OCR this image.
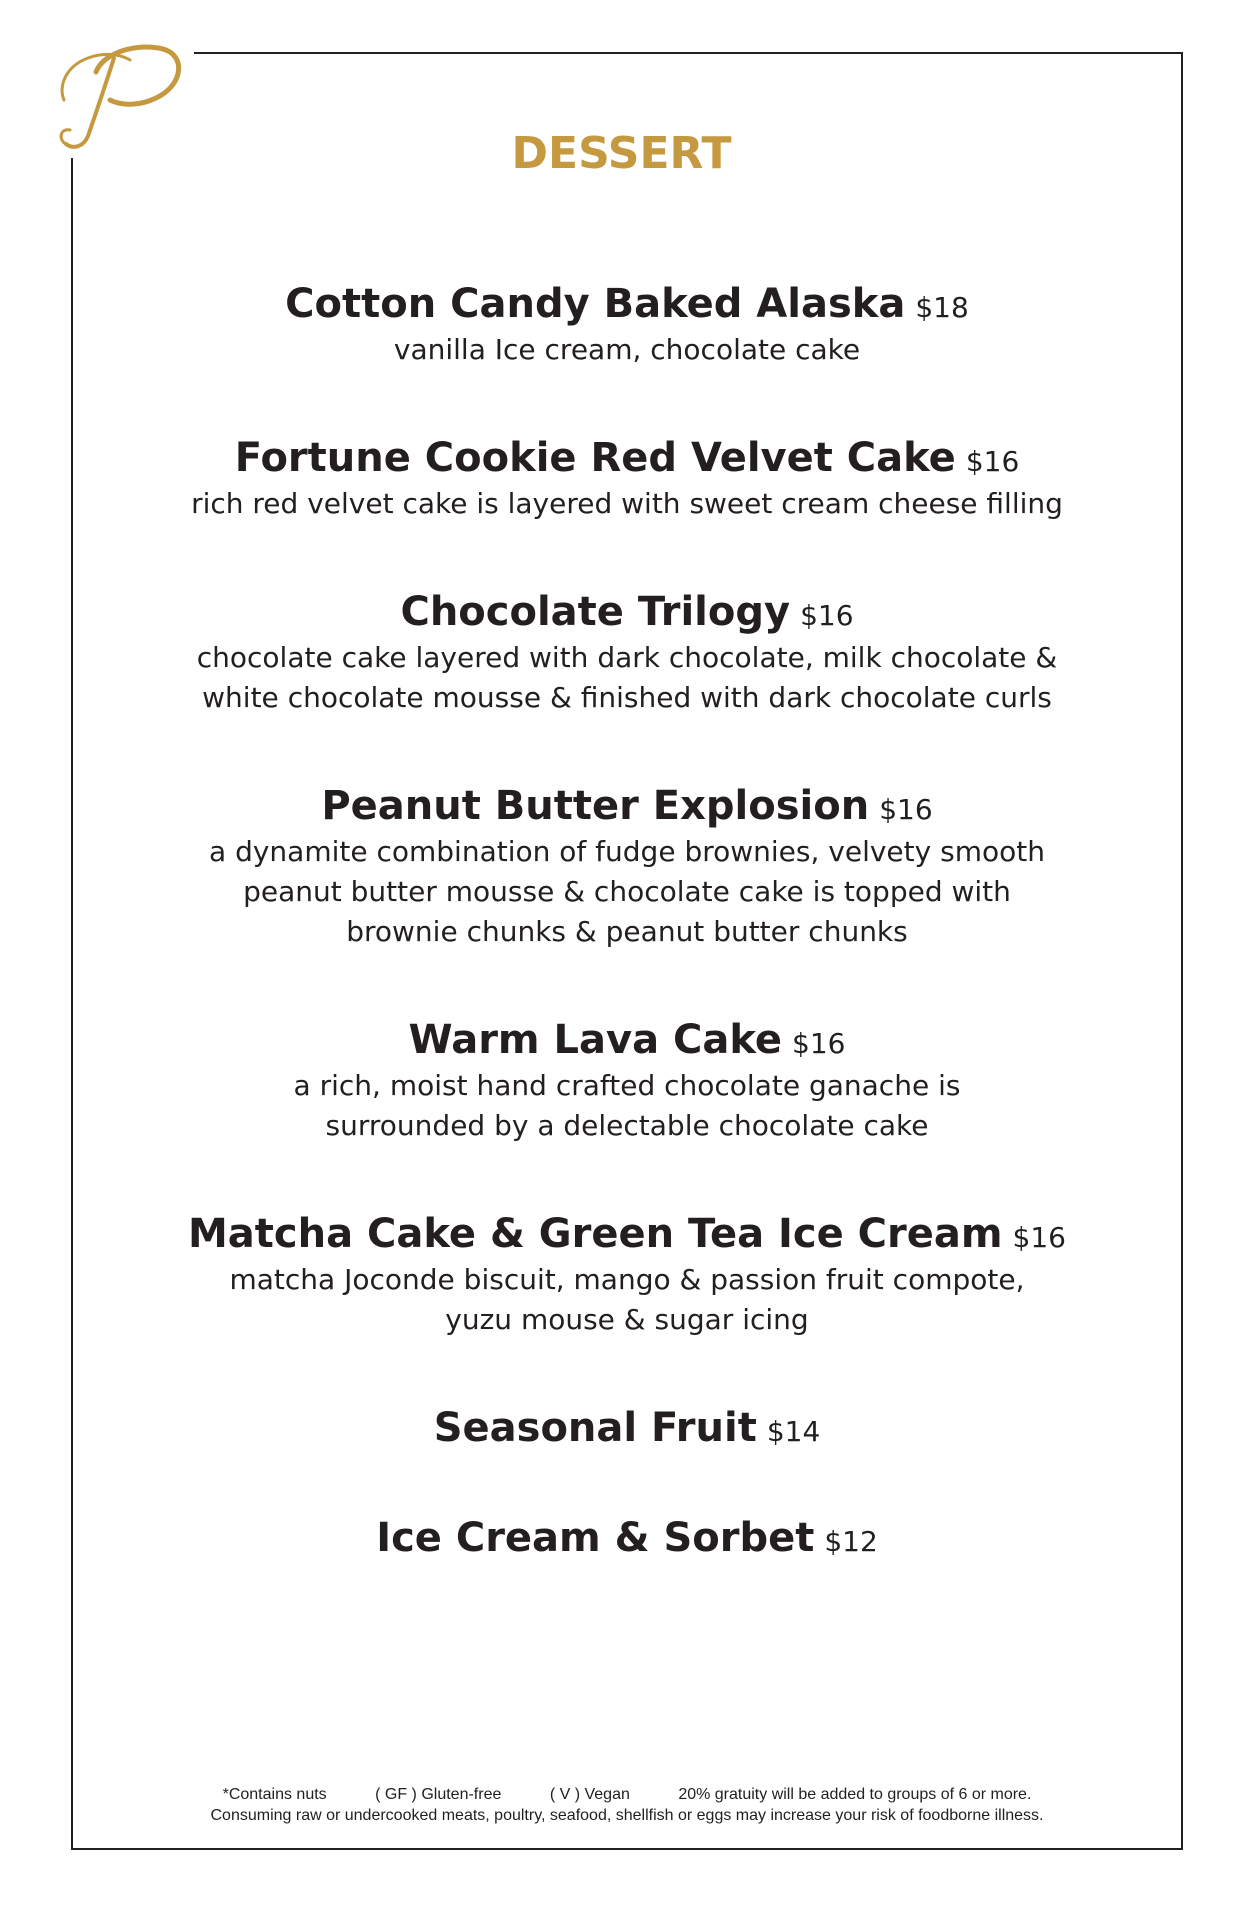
DESSERT
Cotton Candy Baked Alaska $18
vanilla Ice cream, chocolate cake
Fortune Cookie Red Velvet Cake $16
rich red velvet cake is layered with sweet cream cheese filling
Chocolate Trilogy $16
chocolate cake layered with dark chocolate, milk chocolate &
white chocolate mousse & finished with dark chocolate curls
Peanut Butter Explosion $16
a dynamite combination of fudge brownies, velvety smooth
peanut butter mousse & chocolate cake is topped with
brownie chunks & peanut butter chunks
Warm Lava Cake $16
a rich, moist hand crafted chocolate ganache is
surrounded by a delectable chocolate cake
Matcha Cake & Green Tea Ice Cream $16
matcha Joconde biscuit, mango & passion fruit compote,
yuzu mouse & sugar icing
Seasonal Fruit $14
Ice Cream & Sorbet $12
*Contains nuts	( GF ) Gluten-free	( V ) Vegan	20% gratuity will be added to groups of 6 or more.
Consuming raw or undercooked meats, poultry, seafood, shellfish or eggs may increase your risk of foodborne illness.
